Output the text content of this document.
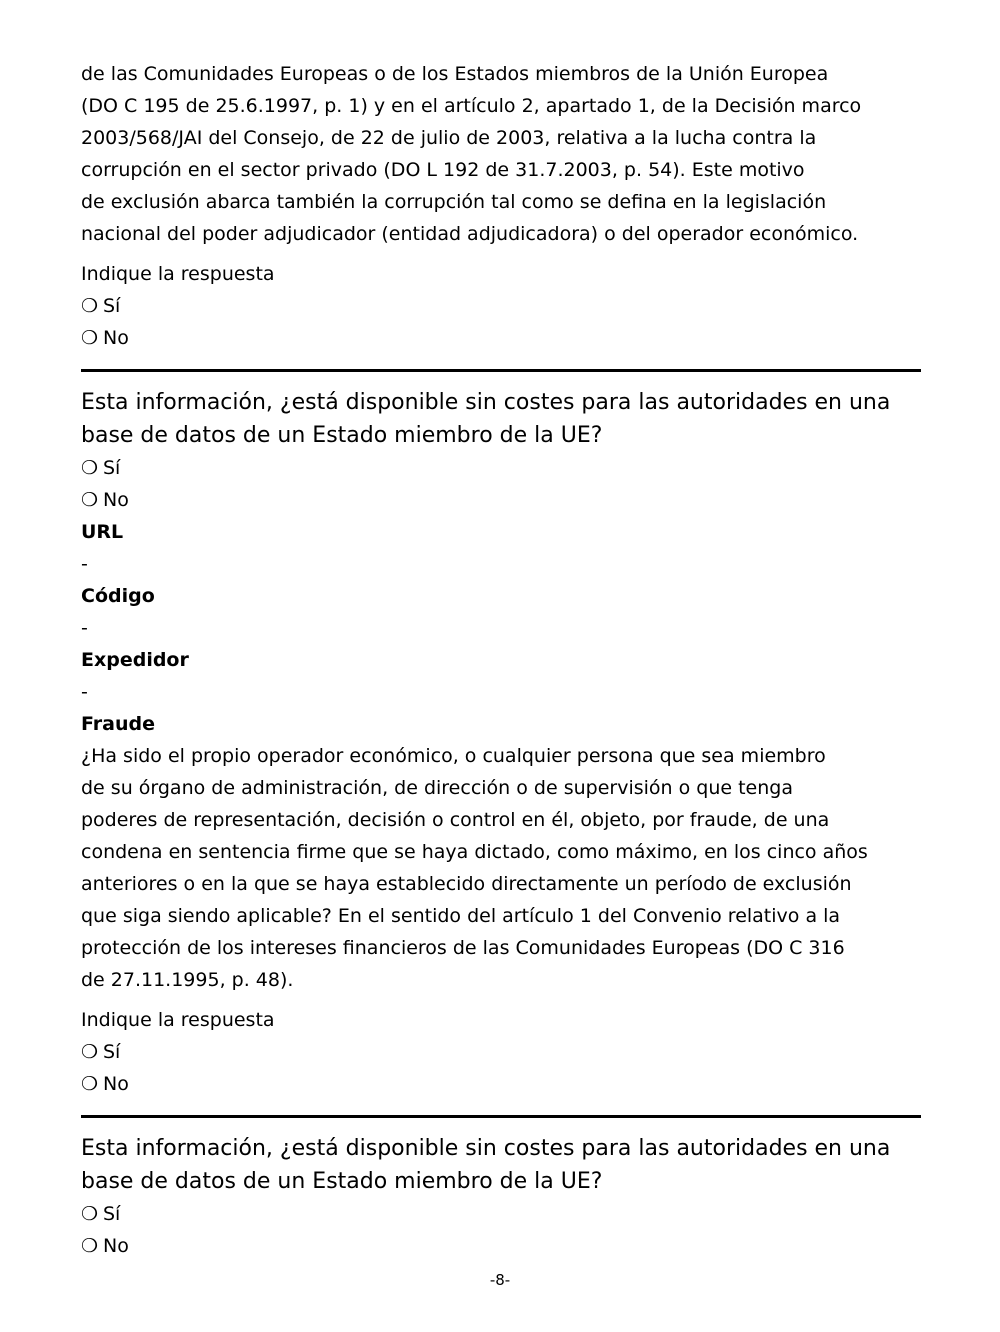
de las Comunidades Europeas o de los Estados miembros de la Unión Europea
(DO C 195 de 25.6.1997, p. 1) y en el artículo 2, apartado 1, de la Decisión marco
2003/568/JAI del Consejo, de 22 de julio de 2003, relativa a la lucha contra la
corrupción en el sector privado (DO L 192 de 31.7.2003, p. 54). Este motivo
de exclusión abarca también la corrupción tal como se defina en la legislación
nacional del poder adjudicador (entidad adjudicadora) o del operador económico.

Indique la respuesta

❍ Sí

❍ No

Esta información, ¿está disponible sin costes para las autoridades en una
base de datos de un Estado miembro de la UE?

❍ Sí

❍ No

URL

-

Código

-

Expedidor

-

Fraude

¿Ha sido el propio operador económico, o cualquier persona que sea miembro
de su órgano de administración, de dirección o de supervisión o que tenga
poderes de representación, decisión o control en él, objeto, por fraude, de una
condena en sentencia firme que se haya dictado, como máximo, en los cinco años
anteriores o en la que se haya establecido directamente un período de exclusión
que siga siendo aplicable? En el sentido del artículo 1 del Convenio relativo a la
protección de los intereses financieros de las Comunidades Europeas (DO C 316
de 27.11.1995, p. 48).

Indique la respuesta

❍ Sí

❍ No

Esta información, ¿está disponible sin costes para las autoridades en una
base de datos de un Estado miembro de la UE?

❍ Sí

❍ No

-8-
